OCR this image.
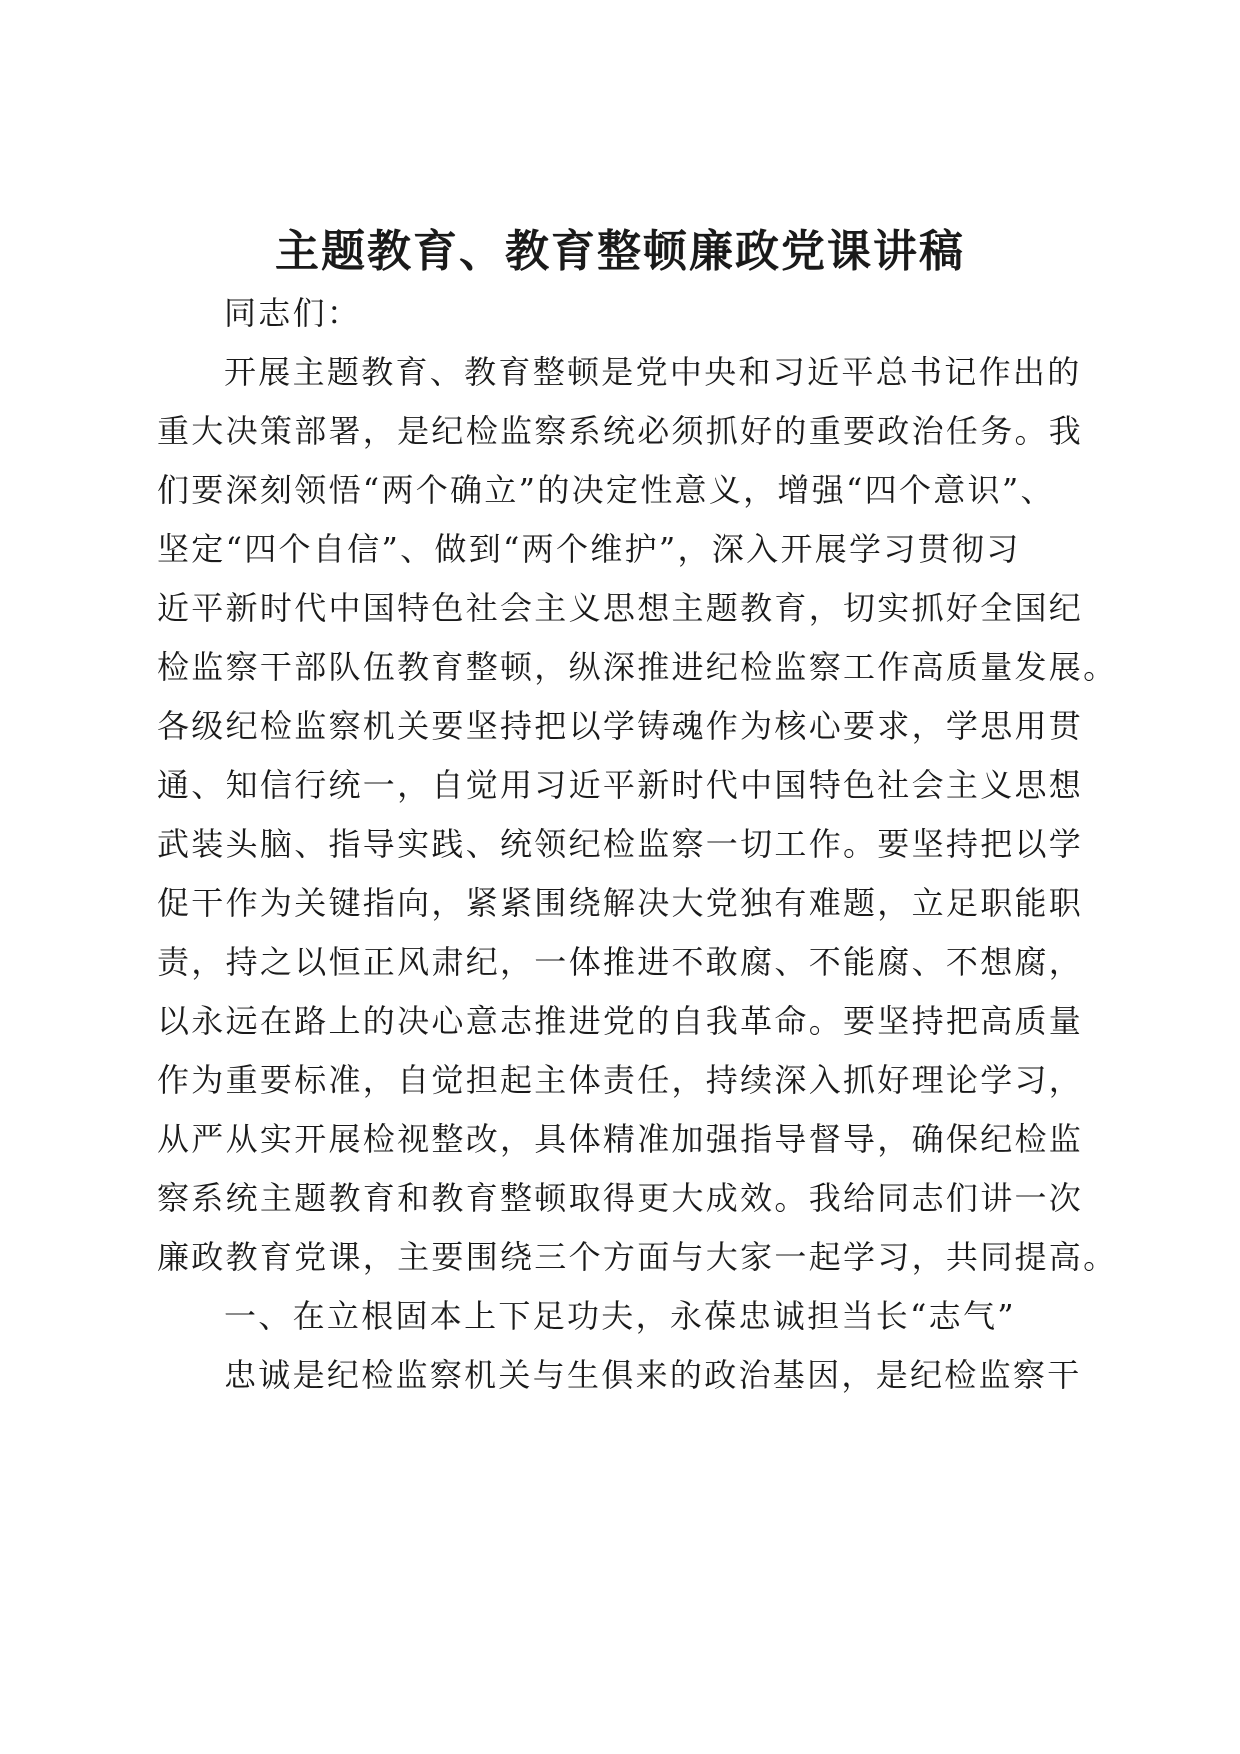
主题教育、教育整顿廉政党课讲稿
同志们：
开展主题教育、教育整顿是党中央和习近平总书记作出的
重大决策部署，是纪检监察系统必须抓好的重要政治任务。我
们要深刻领悟“两个确立”的决定性意义，增强“四个意识”、
坚定“四个自信”、做到“两个维护”，深入开展学习贯彻习
近平新时代中国特色社会主义思想主题教育，切实抓好全国纪
检监察干部队伍教育整顿，纵深推进纪检监察工作高质量发展。
各级纪检监察机关要坚持把以学铸魂作为核心要求，学思用贯
通、知信行统一，自觉用习近平新时代中国特色社会主义思想
武装头脑、指导实践、统领纪检监察一切工作。要坚持把以学
促干作为关键指向，紧紧围绕解决大党独有难题，立足职能职
责，持之以恒正风肃纪，一体推进不敢腐、不能腐、不想腐，
以永远在路上的决心意志推进党的自我革命。要坚持把高质量
作为重要标准，自觉担起主体责任，持续深入抓好理论学习，
从严从实开展检视整改，具体精准加强指导督导，确保纪检监
察系统主题教育和教育整顿取得更大成效。我给同志们讲一次
廉政教育党课，主要围绕三个方面与大家一起学习，共同提高。
一、在立根固本上下足功夫，永葆忠诚担当长“志气”
忠诚是纪检监察机关与生俱来的政治基因，是纪检监察干
